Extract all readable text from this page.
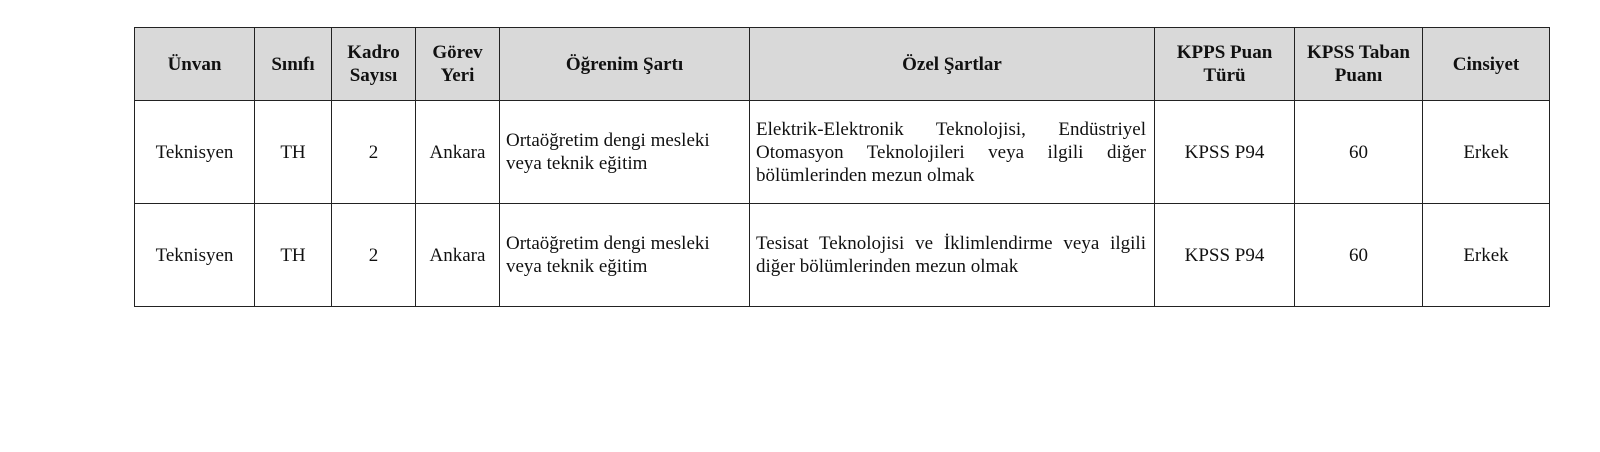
Ünvan	Sınıfı	Kadro Sayısı	Görev Yeri	Öğrenim Şartı	Özel Şartlar	KPPS Puan Türü	KPSS Taban Puanı	Cinsiyet
Teknisyen	TH	2	Ankara	Ortaöğretim dengi mesleki veya teknik eğitim	Elektrik-Elektronik Teknolojisi, Endüstriyel Otomasyon Teknolojileri veya ilgili diğer bölümlerinden mezun olmak	KPSS P94	60	Erkek
Teknisyen	TH	2	Ankara	Ortaöğretim dengi mesleki veya teknik eğitim	Tesisat Teknolojisi ve İklimlendirme veya ilgili diğer bölümlerinden mezun olmak	KPSS P94	60	Erkek
